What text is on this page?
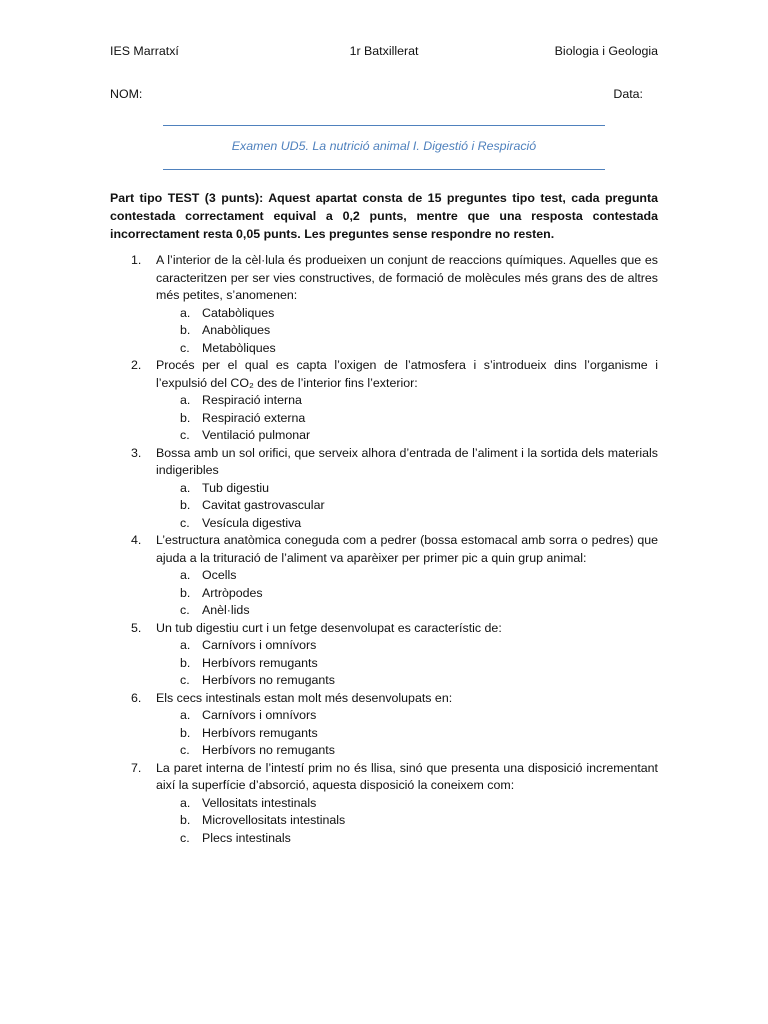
IES Marratxí	1r Batxillerat	Biologia i Geologia
NOM:	Data:
Examen UD5. La nutrició animal I. Digestió i Respiració
Part tipo TEST (3 punts): Aquest apartat consta de 15 preguntes tipo test, cada pregunta contestada correctament equival a 0,2 punts, mentre que una resposta contestada incorrectament resta 0,05 punts. Les preguntes sense respondre no resten.
1. A l’interior de la cèl·lula és produeixen un conjunt de reaccions químiques. Aquelles que es caracteritzen per ser vies constructives, de formació de molècules més grans des de altres més petites, s’anomenen:
a. Catabòliques
b. Anabòliques
c. Metabòliques
2. Procés per el qual es capta l’oxigen de l’atmosfera i s’introdueix dins l’organisme i l’expulsió del CO₂ des de l’interior fins l’exterior:
a. Respiració interna
b. Respiració externa
c. Ventilació pulmonar
3. Bossa amb un sol orifici, que serveix alhora d’entrada de l’aliment i la sortida dels materials indigeribles
a. Tub digestiu
b. Cavitat gastrovascular
c. Vesícula digestiva
4. L’estructura anatòmica coneguda com a pedrer (bossa estomacal amb sorra o pedres) que ajuda a la trituració de l’aliment va aparèixer per primer pic a quin grup animal:
a. Ocells
b. Artròpodes
c. Anèl·lids
5. Un tub digestiu curt i un fetge desenvolupat es característic de:
a. Carnívors i omnívors
b. Herbívors remugants
c. Herbívors no remugants
6. Els cecs intestinals estan molt més desenvolupats en:
a. Carnívors i omnívors
b. Herbívors remugants
c. Herbívors no remugants
7. La paret interna de l’intestí prim no és llisa, sinó que presenta una disposició incrementant així la superfície d’absorció, aquesta disposició la coneixem com:
a. Vellositats intestinals
b. Microvellositats intestinals
c. Plecs intestinals
